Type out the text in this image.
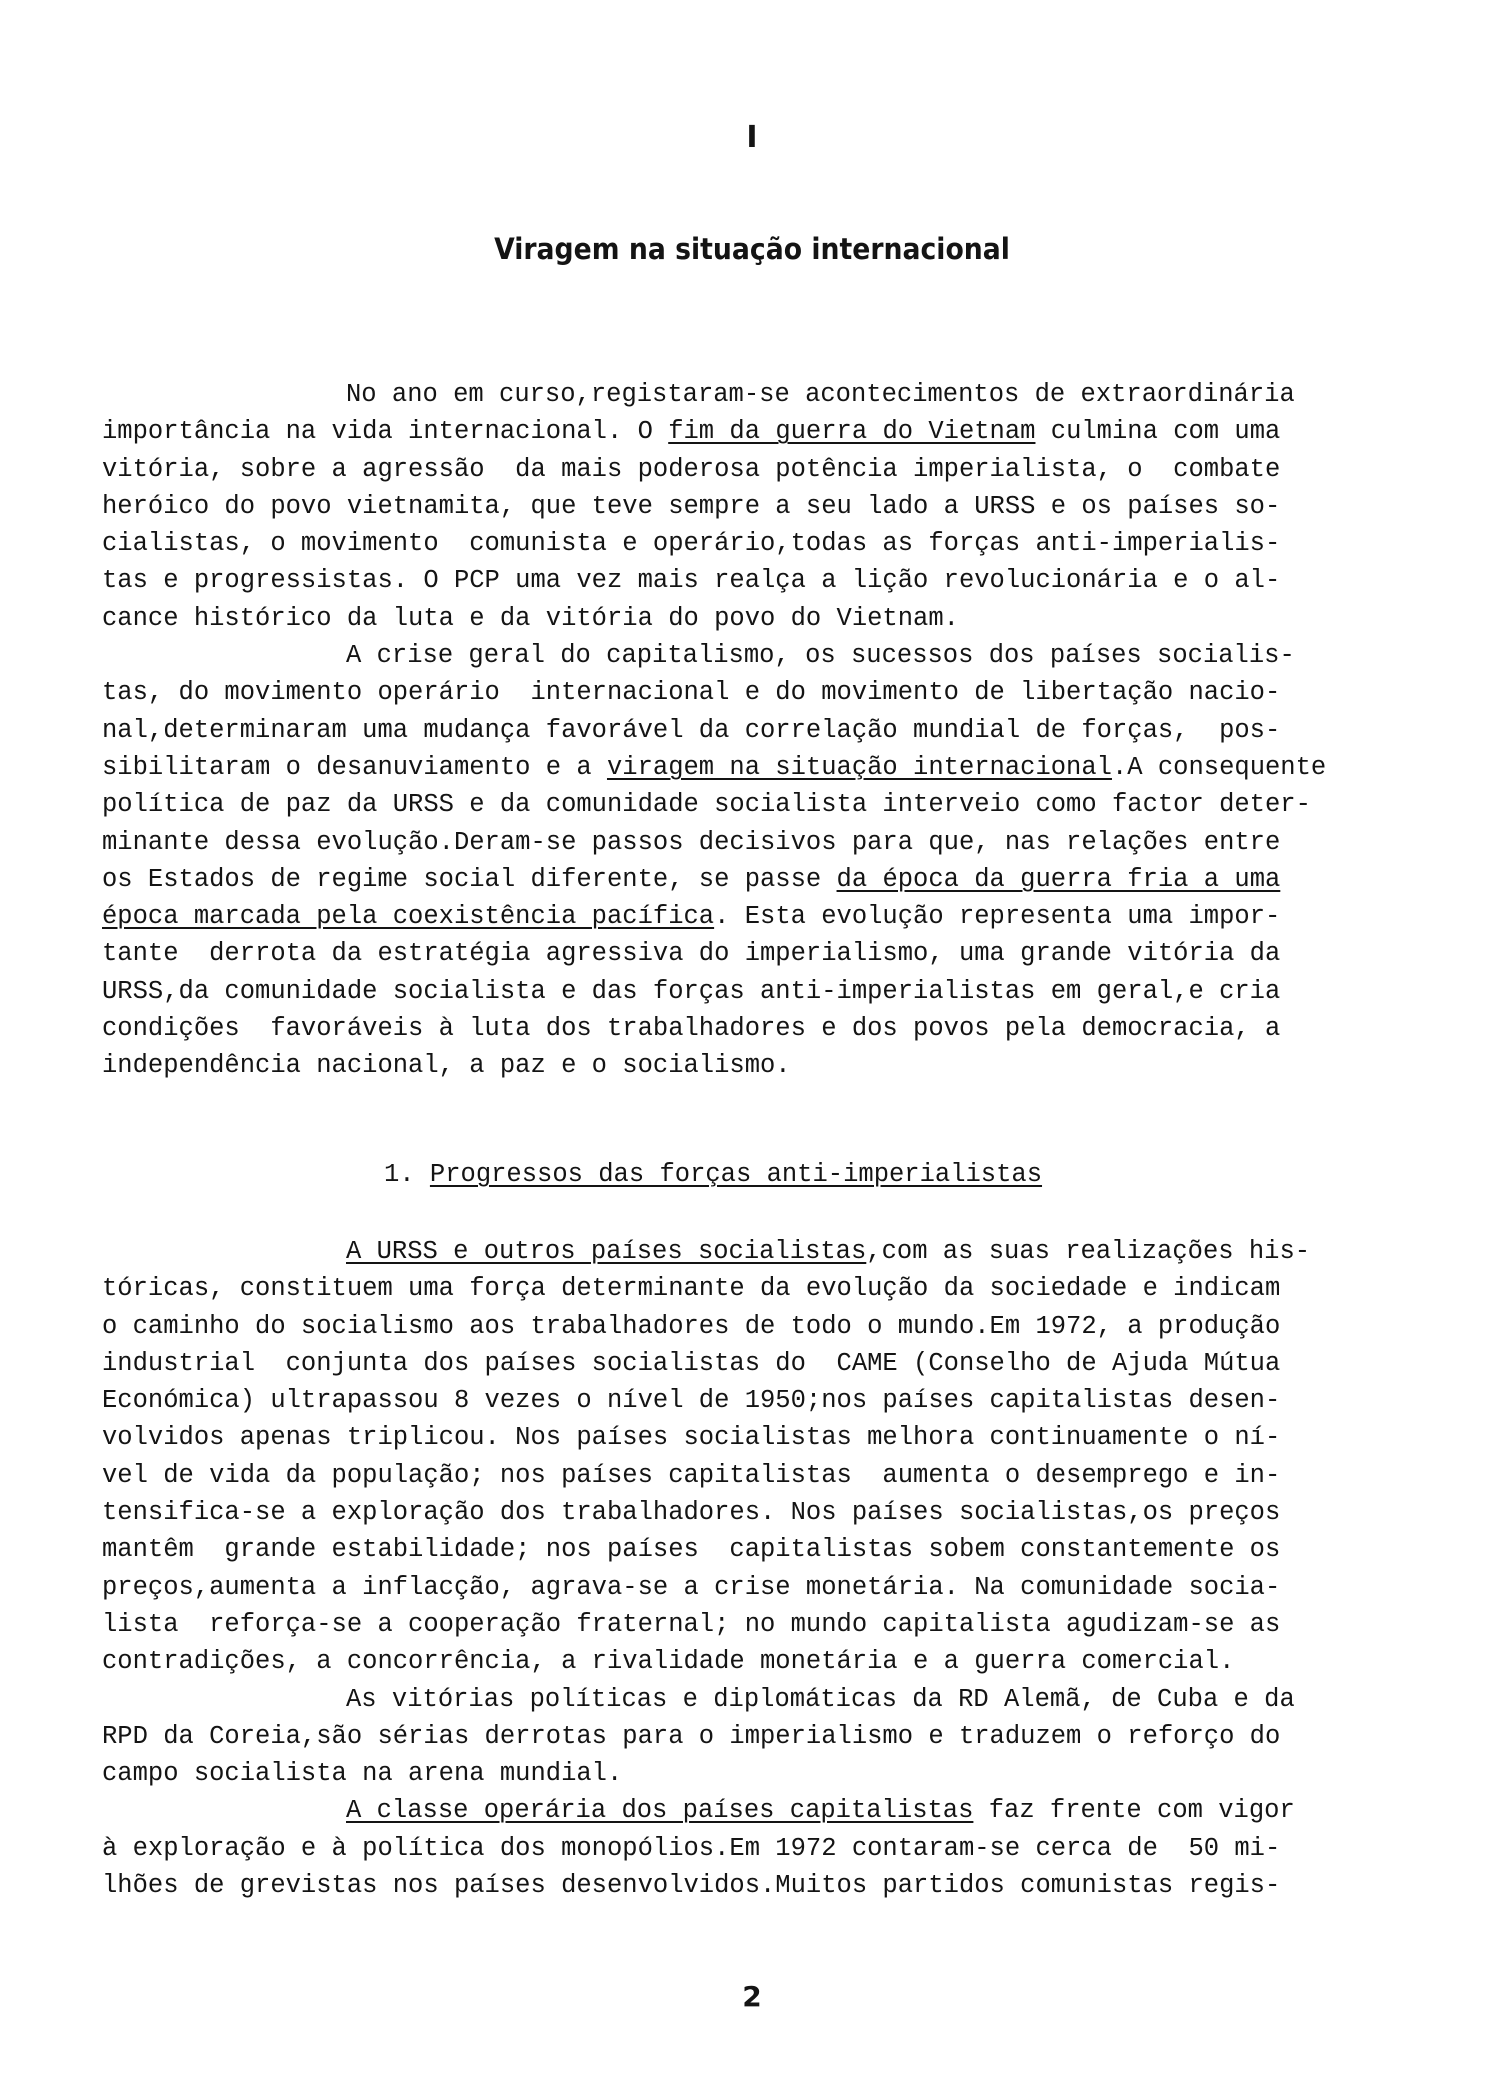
I
Viragem na situação internacional
No ano em curso,registaram-se acontecimentos de extraordinária
importância na vida internacional. O fim da guerra do Vietnam culmina com uma
vitória, sobre a agressão  da mais poderosa potência imperialista, o  combate
heróico do povo vietnamita, que teve sempre a seu lado a URSS e os países so-
cialistas, o movimento  comunista e operário,todas as forças anti-imperialis-
tas e progressistas. O PCP uma vez mais realça a lição revolucionária e o al-
cance histórico da luta e da vitória do povo do Vietnam.
A crise geral do capitalismo, os sucessos dos países socialis-
tas, do movimento operário  internacional e do movimento de libertação nacio-
nal,determinaram uma mudança favorável da correlação mundial de forças,  pos-
sibilitaram o desanuviamento e a viragem na situação internacional.A consequente
política de paz da URSS e da comunidade socialista interveio como factor deter-
minante dessa evolução.Deram-se passos decisivos para que, nas relações entre
os Estados de regime social diferente, se passe da época da guerra fria a uma
época marcada pela coexistência pacífica. Esta evolução representa uma impor-
tante  derrota da estratégia agressiva do imperialismo, uma grande vitória da
URSS,da comunidade socialista e das forças anti-imperialistas em geral,e cria
condições  favoráveis à luta dos trabalhadores e dos povos pela democracia, a
independência nacional, a paz e o socialismo.
1. Progressos das forças anti-imperialistas
A URSS e outros países socialistas,com as suas realizações his-
tóricas, constituem uma força determinante da evolução da sociedade e indicam
o caminho do socialismo aos trabalhadores de todo o mundo.Em 1972, a produção
industrial  conjunta dos países socialistas do  CAME (Conselho de Ajuda Mútua
Económica) ultrapassou 8 vezes o nível de 1950;nos países capitalistas desen-
volvidos apenas triplicou. Nos países socialistas melhora continuamente o ní-
vel de vida da população; nos países capitalistas  aumenta o desemprego e in-
tensifica-se a exploração dos trabalhadores. Nos países socialistas,os preços
mantêm  grande estabilidade; nos países  capitalistas sobem constantemente os
preços,aumenta a inflacção, agrava-se a crise monetária. Na comunidade socia-
lista  reforça-se a cooperação fraternal; no mundo capitalista agudizam-se as
contradições, a concorrência, a rivalidade monetária e a guerra comercial.
As vitórias políticas e diplomáticas da RD Alemã, de Cuba e da
RPD da Coreia,são sérias derrotas para o imperialismo e traduzem o reforço do
campo socialista na arena mundial.
A classe operária dos países capitalistas faz frente com vigor
à exploração e à política dos monopólios.Em 1972 contaram-se cerca de  50 mi-
lhões de grevistas nos países desenvolvidos.Muitos partidos comunistas regis-
2
